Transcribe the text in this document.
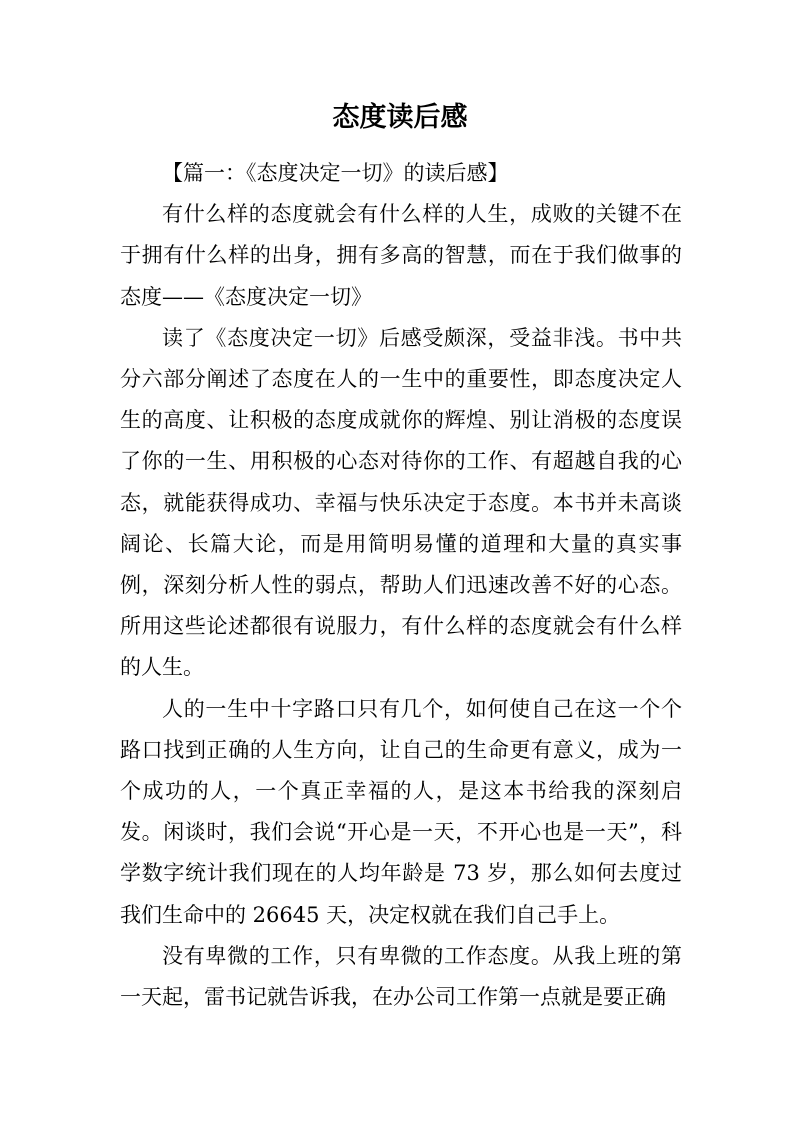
态度读后感

【篇一：《态度决定一切》的读后感】

有什么样的态度就会有什么样的人生，成败的关键不在于拥有什么样的出身，拥有多高的智慧，而在于我们做事的态度——《态度决定一切》

读了《态度决定一切》后感受颇深，受益非浅。书中共分六部分阐述了态度在人的一生中的重要性，即态度决定人生的高度、让积极的态度成就你的辉煌、别让消极的态度误了你的一生、用积极的心态对待你的工作、有超越自我的心态，就能获得成功、幸福与快乐决定于态度。本书并未高谈阔论、长篇大论，而是用简明易懂的道理和大量的真实事例，深刻分析人性的弱点，帮助人们迅速改善不好的心态。所用这些论述都很有说服力，有什么样的态度就会有什么样的人生。

人的一生中十字路口只有几个，如何使自己在这一个个路口找到正确的人生方向，让自己的生命更有意义，成为一个成功的人，一个真正幸福的人，是这本书给我的深刻启发。闲谈时，我们会说“开心是一天，不开心也是一天”，科学数字统计我们现在的人均年龄是 73 岁，那么如何去度过我们生命中的 26645 天，决定权就在我们自己手上。

没有卑微的工作，只有卑微的工作态度。从我上班的第一天起，雷书记就告诉我，在办公司工作第一点就是要正确
